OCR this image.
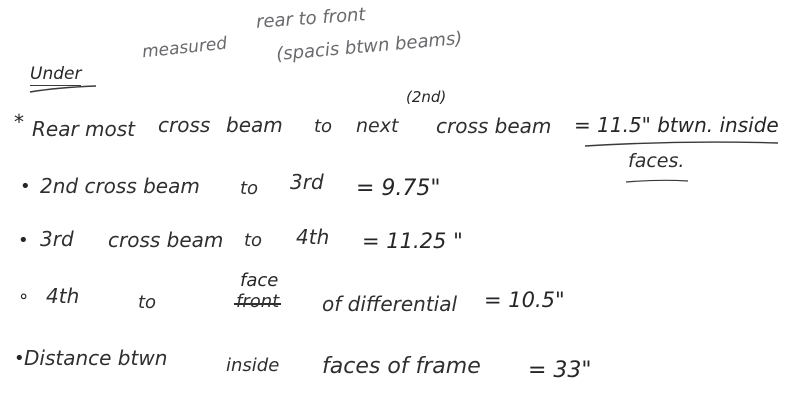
Under
measured
rear to front
(spacis btwn beams)
* Rear most cross beam to next
(2nd)
cross beam = 11.5" btwn. inside
faces.
• 2nd cross beam to 3rd = 9.75"
• 3rd cross beam to 4th = 11.25 "
∘ 4th	to
face
front of differential = 10.5"
• Distance btwn	inside faces of frame = 33"
